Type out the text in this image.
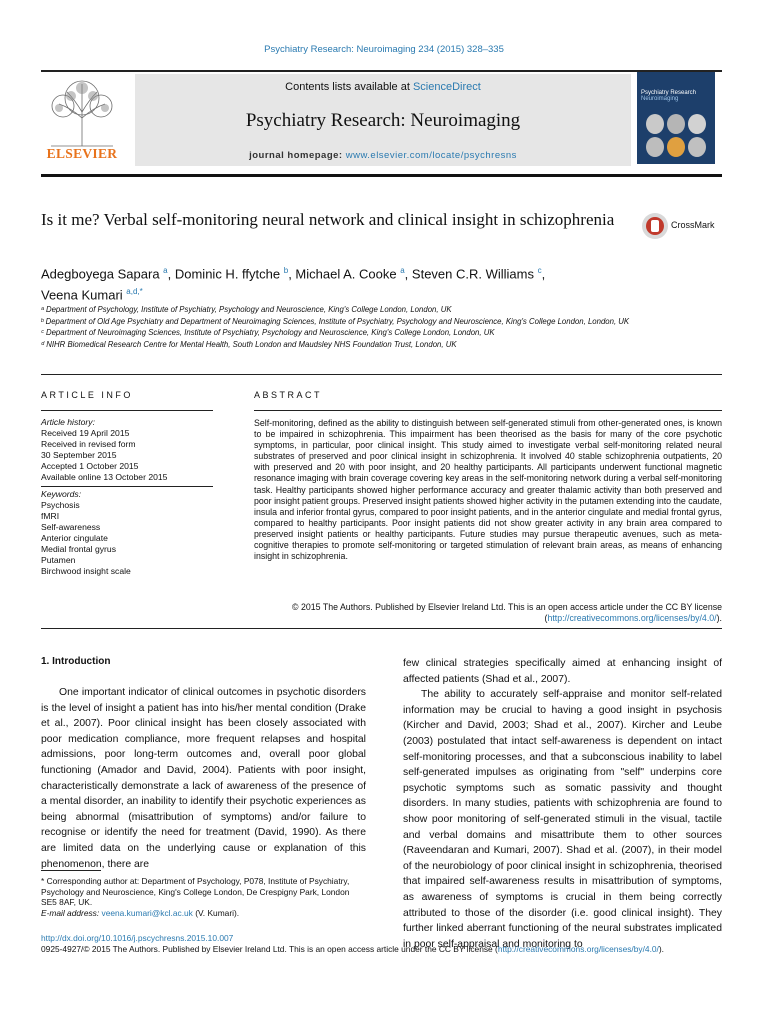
Psychiatry Research: Neuroimaging 234 (2015) 328–335
ELSEVIER
Contents lists available at ScienceDirect
Psychiatry Research: Neuroimaging
journal homepage: www.elsevier.com/locate/psychresns
Psychiatry Research
Neuroimaging
Is it me? Verbal self-monitoring neural network and clinical insight in schizophrenia	CrossMark
Adegboyega Sapara $^a$, Dominic H. ffytche $^b$, Michael A. Cooke $^a$, Steven C.R. Williams $^c$,
Veena Kumari $^{a,d,*}$
ᵃ Department of Psychology, Institute of Psychiatry, Psychology and Neuroscience, King's College London, London, UK
ᵇ Department of Old Age Psychiatry and Department of Neuroimaging Sciences, Institute of Psychiatry, Psychology and Neuroscience, King's College London, London, UK
ᶜ Department of Neuroimaging Sciences, Institute of Psychiatry, Psychology and Neuroscience, King's College London, London, UK
ᵈ NIHR Biomedical Research Centre for Mental Health, South London and Maudsley NHS Foundation Trust, London, UK
ARTICLE INFO	ABSTRACT
Article history:
Received 19 April 2015
Received in revised form
30 September 2015
Accepted 1 October 2015
Available online 13 October 2015
Keywords:
Psychosis
fMRI
Self-awareness
Anterior cingulate
Medial frontal gyrus
Putamen
Birchwood insight scale
Self-monitoring, defined as the ability to distinguish between self-generated stimuli from other-generated ones, is known to be impaired in schizophrenia. This impairment has been theorised as the basis for many of the core psychotic symptoms, in particular, poor clinical insight. This study aimed to investigate verbal self-monitoring related neural substrates of preserved and poor clinical insight in schizophrenia. It involved 40 stable schizophrenia outpatients, 20 with preserved and 20 with poor insight, and 20 healthy participants. All participants underwent functional magnetic resonance imaging with brain coverage covering key areas in the self-monitoring network during a verbal self-monitoring task. Healthy participants showed higher performance accuracy and greater thalamic activity than both preserved and poor insight patient groups. Preserved insight patients showed higher activity in the putamen extending into the caudate, insula and inferior frontal gyrus, compared to poor insight patients, and in the anterior cingulate and medial frontal gyrus, compared to healthy participants. Poor insight patients did not show greater activity in any brain area compared to preserved insight patients or healthy participants. Future studies may pursue therapeutic avenues, such as meta-cognitive therapies to promote self-monitoring or targeted stimulation of relevant brain areas, as means of enhancing insight in schizophrenia.
© 2015 The Authors. Published by Elsevier Ireland Ltd. This is an open access article under the CC BY license (http://creativecommons.org/licenses/by/4.0/).
1. Introduction

One important indicator of clinical outcomes in psychotic disorders is the level of insight a patient has into his/her mental condition (Drake et al., 2007). Poor clinical insight has been closely associated with poor medication compliance, more frequent relapses and hospital admissions, poor long-term outcomes and, overall poor global functioning (Amador and David, 2004). Patients with poor insight, characteristically demonstrate a lack of awareness of the presence of a mental disorder, an inability to identify their psychotic experiences as being abnormal (misattribution of symptoms) and/or failure to recognise or identify the need for treatment (David, 1990). As there are limited data on the underlying cause or explanation of this phenomenon, there are

few clinical strategies specifically aimed at enhancing insight of affected patients (Shad et al., 2007).

The ability to accurately self-appraise and monitor self-related information may be crucial to having a good insight in psychosis (Kircher and David, 2003; Shad et al., 2007). Kircher and Leube (2003) postulated that intact self-awareness is dependent on intact self-monitoring processes, and that a subconscious inability to label self-generated impulses as originating from "self" underpins core psychotic symptoms such as somatic passivity and thought disorders. In many studies, patients with schizophrenia are found to show poor monitoring of self-generated stimuli in the visual, tactile and verbal domains and misattribute them to other sources (Raveendaran and Kumari, 2007). Shad et al. (2007), in their model of the neurobiology of poor clinical insight in schizophrenia, theorised that impaired self-awareness results in misattribution of symptoms, as awareness of symptoms is crucial in them being correctly attributed to those of the disorder (i.e. good clinical insight). They further linked aberrant functioning of the neural substrates implicated in poor self-appraisal and monitoring to

* Corresponding author at: Department of Psychology, P078, Institute of Psychiatry, Psychology and Neuroscience, King's College London, De Crespigny Park, London SE5 8AF, UK.
E-mail address: veena.kumari@kcl.ac.uk (V. Kumari).
http://dx.doi.org/10.1016/j.pscychresns.2015.10.007
0925-4927/© 2015 The Authors. Published by Elsevier Ireland Ltd. This is an open access article under the CC BY license (http://creativecommons.org/licenses/by/4.0/).
